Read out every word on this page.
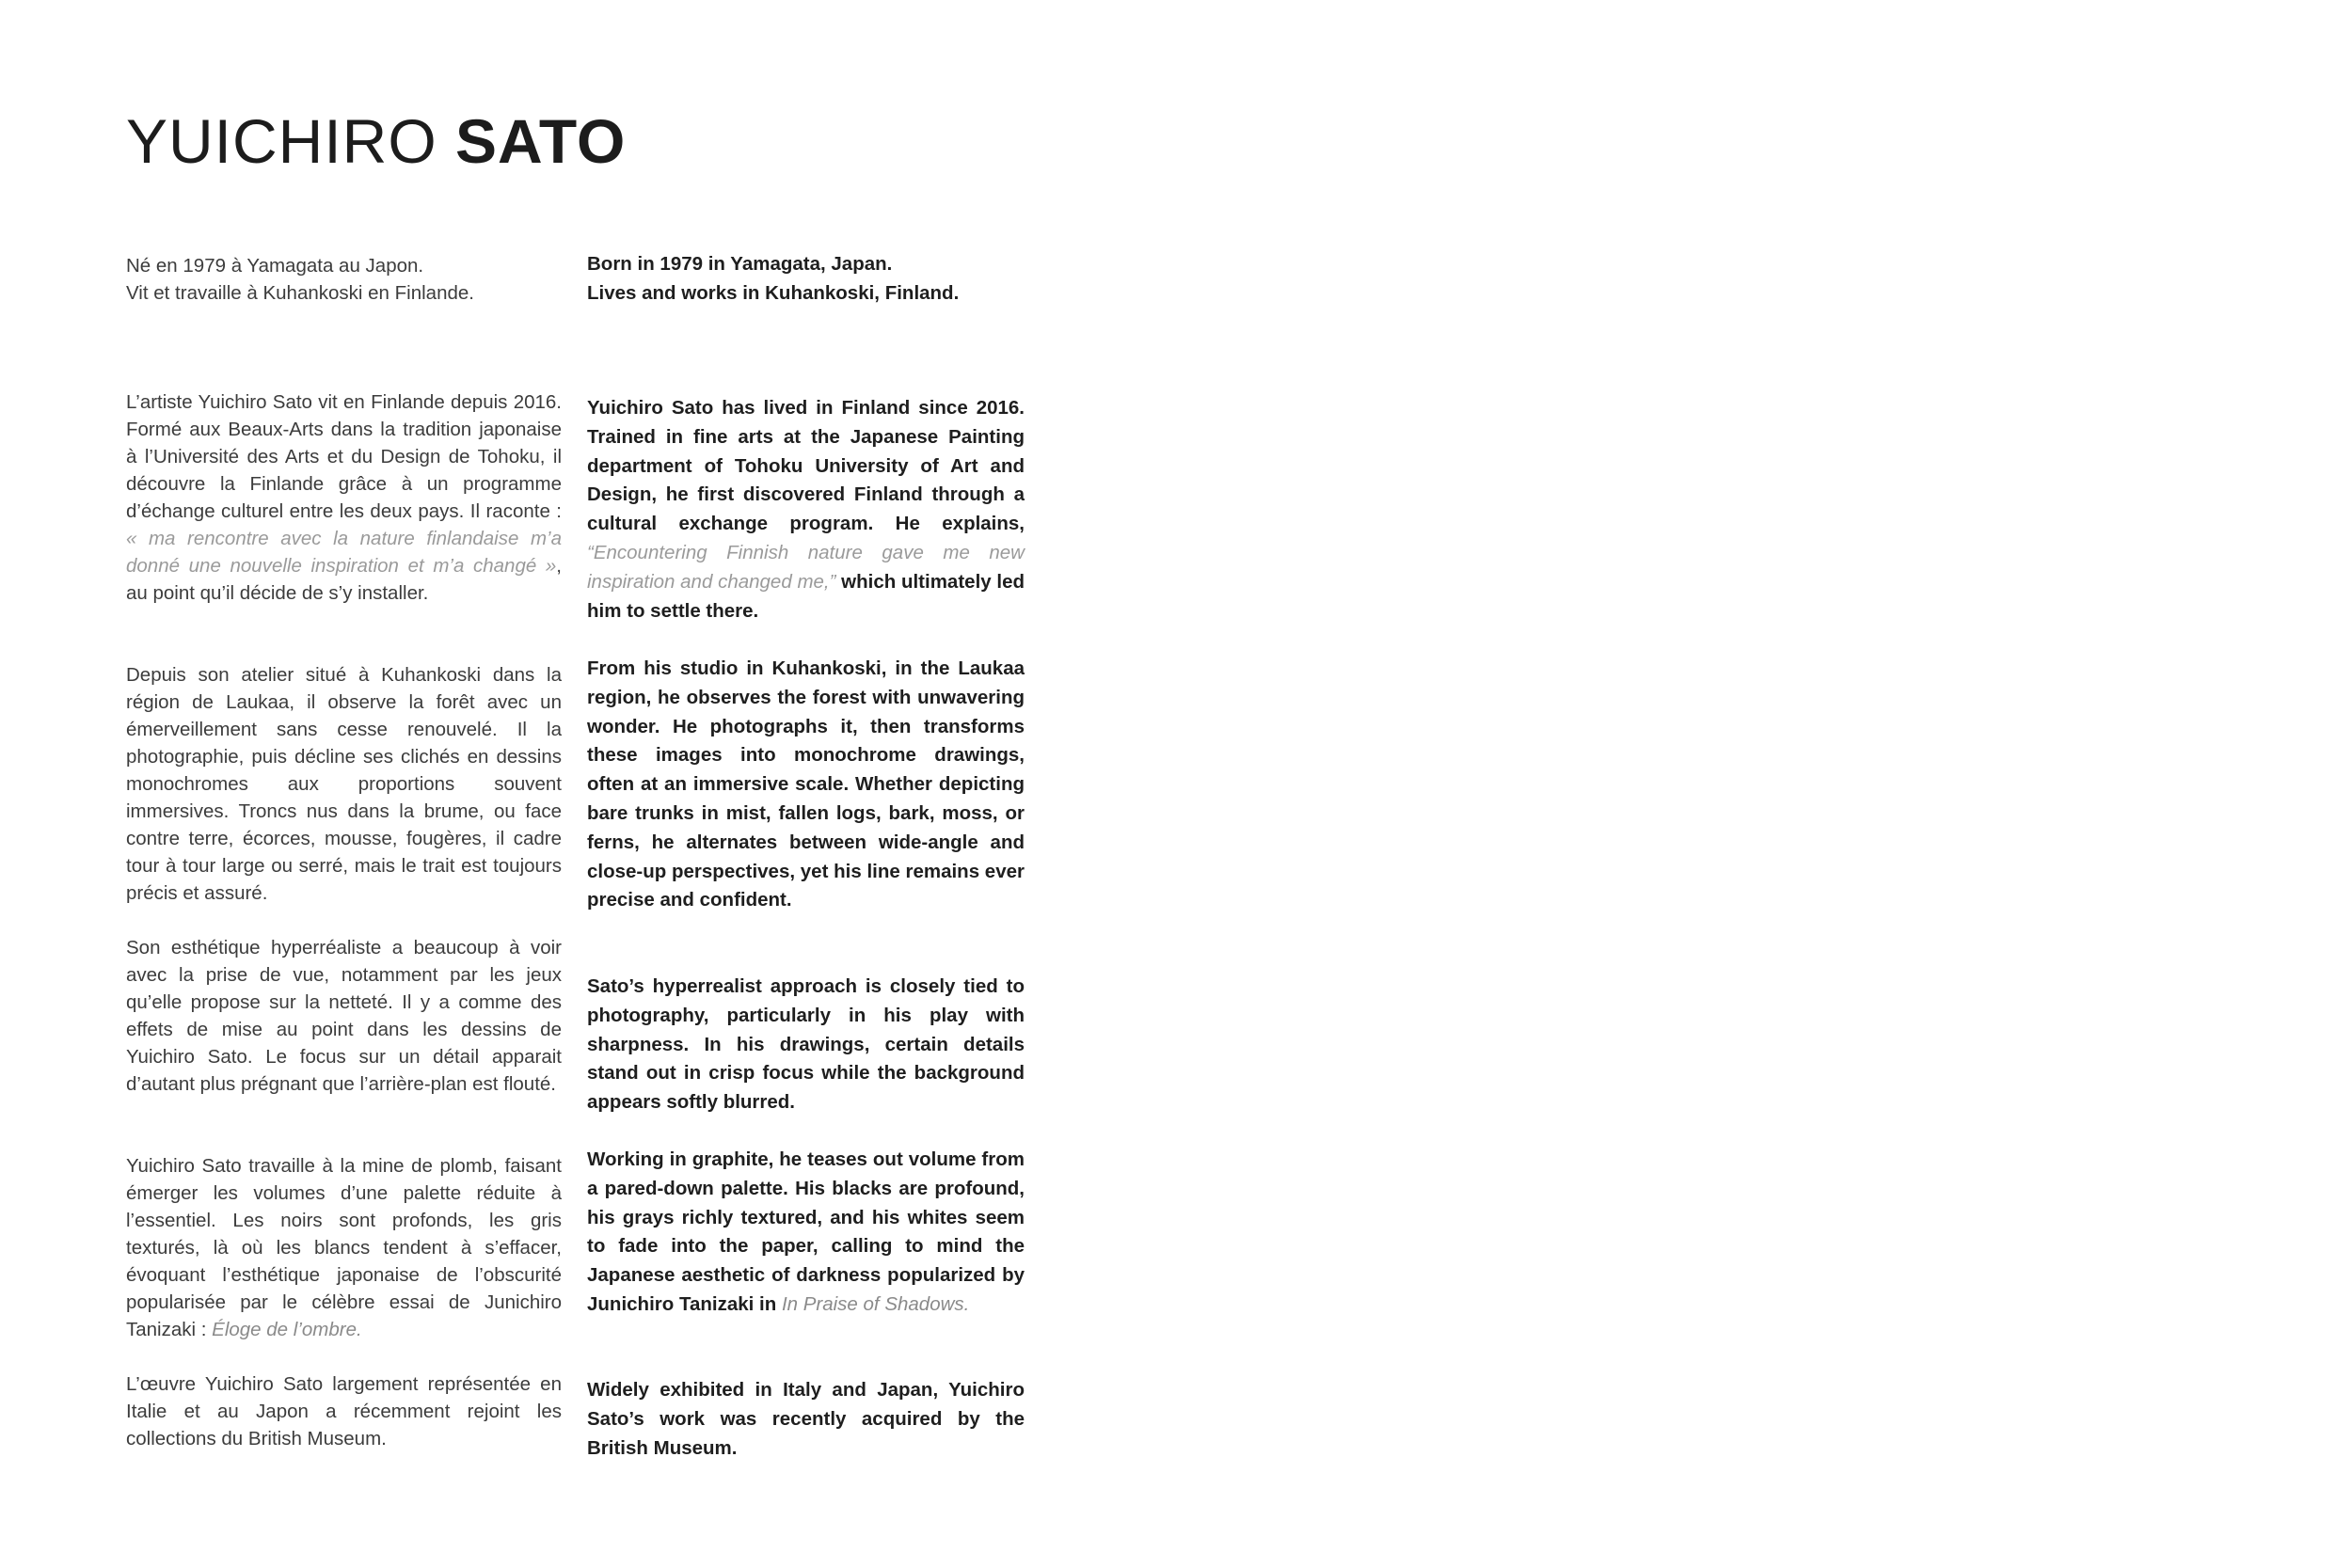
YUICHIRO SATO
Né en 1979 à Yamagata au Japon.
Vit et travaille à Kuhankoski en Finlande.
Born in 1979 in Yamagata, Japan.
Lives and works in Kuhankoski, Finland.

L’artiste Yuichiro Sato vit en Finlande depuis 2016. Formé aux Beaux-Arts dans la tradition japonaise à l’Université des Arts et du Design de Tohoku, il découvre la Finlande grâce à un programme d’échange culturel entre les deux pays. Il raconte : « ma rencontre avec la nature finlandaise m’a donné une nouvelle inspiration et m’a changé », au point qu’il décide de s’y installer.

Depuis son atelier situé à Kuhankoski dans la région de Laukaa, il observe la forêt avec un émerveillement sans cesse renouvelé. Il la photographie, puis décline ses clichés en dessins monochromes aux proportions souvent immersives. Troncs nus dans la brume, ou face contre terre, écorces, mousse, fougères, il cadre tour à tour large ou serré, mais le trait est toujours précis et assuré.

Son esthétique hyperréaliste a beaucoup à voir avec la prise de vue, notamment par les jeux qu’elle propose sur la netteté. Il y a comme des effets de mise au point dans les dessins de Yuichiro Sato. Le focus sur un détail apparait d’autant plus prégnant que l’arrière-plan est flouté.

Yuichiro Sato travaille à la mine de plomb, faisant émerger les volumes d’une palette réduite à l’essentiel. Les noirs sont profonds, les gris texturés, là où les blancs tendent à s’effacer, évoquant l’esthétique japonaise de l’obscurité popularisée par le célèbre essai de Junichiro Tanizaki : Éloge de l’ombre.

L’œuvre Yuichiro Sato largement représentée en Italie et au Japon a récemment rejoint les collections du British Museum.

Yuichiro Sato has lived in Finland since 2016. Trained in fine arts at the Japanese Painting department of Tohoku University of Art and Design, he first discovered Finland through a cultural exchange program. He explains, “Encountering Finnish nature gave me new inspiration and changed me,” which ultimately led him to settle there.

From his studio in Kuhankoski, in the Laukaa region, he observes the forest with unwavering wonder. He photographs it, then transforms these images into monochrome drawings, often at an immersive scale. Whether depicting bare trunks in mist, fallen logs, bark, moss, or ferns, he alternates between wide-angle and close-up perspectives, yet his line remains ever precise and confident.

Sato’s hyperrealist approach is closely tied to photography, particularly in his play with sharpness. In his drawings, certain details stand out in crisp focus while the background appears softly blurred.

Working in graphite, he teases out volume from a pared-down palette. His blacks are profound, his grays richly textured, and his whites seem to fade into the paper, calling to mind the Japanese aesthetic of darkness popularized by Junichiro Tanizaki in In Praise of Shadows.

Widely exhibited in Italy and Japan, Yuichiro Sato’s work was recently acquired by the British Museum.
